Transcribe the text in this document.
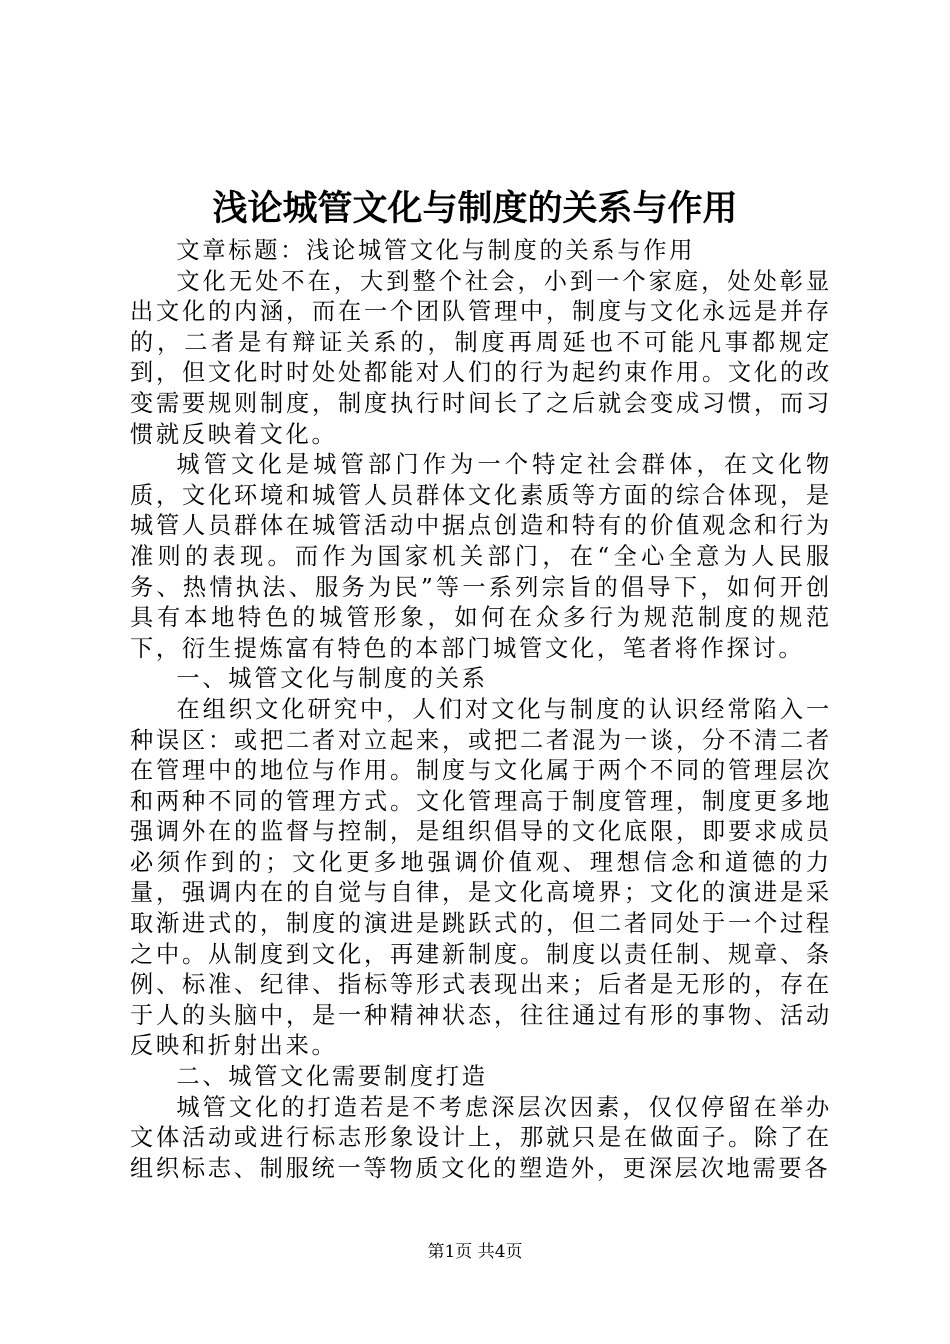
浅论城管文化与制度的关系与作用

文章标题：浅论城管文化与制度的关系与作用

文化无处不在，大到整个社会，小到一个家庭，处处彰显出文化的内涵，而在一个团队管理中，制度与文化永远是并存的，二者是有辩证关系的，制度再周延也不可能凡事都规定到，但文化时时处处都能对人们的行为起约束作用。文化的改变需要规则制度，制度执行时间长了之后就会变成习惯，而习惯就反映着文化。

城管文化是城管部门作为一个特定社会群体，在文化物质，文化环境和城管人员群体文化素质等方面的综合体现，是城管人员群体在城管活动中据点创造和特有的价值观念和行为准则的表现。而作为国家机关部门，在“全心全意为人民服务、热情执法、服务为民”等一系列宗旨的倡导下，如何开创具有本地特色的城管形象，如何在众多行为规范制度的规范下，衍生提炼富有特色的本部门城管文化，笔者将作探讨。

一、城管文化与制度的关系

在组织文化研究中，人们对文化与制度的认识经常陷入一种误区：或把二者对立起来，或把二者混为一谈，分不清二者在管理中的地位与作用。制度与文化属于两个不同的管理层次和两种不同的管理方式。文化管理高于制度管理，制度更多地强调外在的监督与控制，是组织倡导的文化底限，即要求成员必须作到的；文化更多地强调价值观、理想信念和道德的力量，强调内在的自觉与自律，是文化高境界；文化的演进是采取渐进式的，制度的演进是跳跃式的，但二者同处于一个过程之中。从制度到文化，再建新制度。制度以责任制、规章、条例、标准、纪律、指标等形式表现出来；后者是无形的，存在于人的头脑中，是一种精神状态，往往通过有形的事物、活动反映和折射出来。

二、城管文化需要制度打造

城管文化的打造若是不考虑深层次因素，仅仅停留在举办文体活动或进行标志形象设计上，那就只是在做面子。除了在组织标志、制服统一等物质文化的塑造外，更深层次地需要各

第1页 共4页
